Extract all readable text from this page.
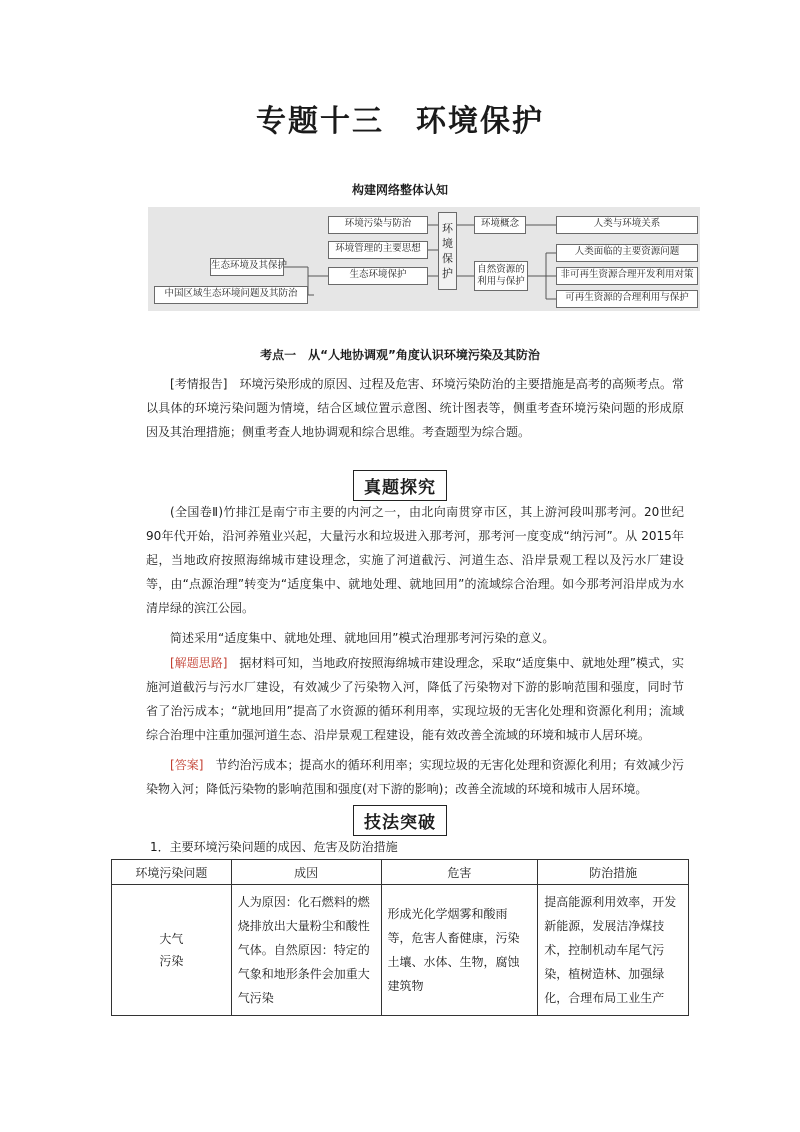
专题十三　环境保护
构建网络整体认知
环境污染与防治
环境管理的主要思想
生态环境保护
生态环境及其保护
中国区域生态环境问题及其防治
环
境
保
护
环境概念
自然资源的
利用与保护
人类与环境关系
人类面临的主要资源问题
非可再生资源合理开发利用对策
可再生资源的合理利用与保护
考点一　从“人地协调观”角度认识环境污染及其防治
[考情报告]　环境污染形成的原因、过程及危害、环境污染防治的主要措施是高考的高频考点。常以具体的环境污染问题为情境，结合区域位置示意图、统计图表等，侧重考查环境污染问题的形成原因及其治理措施；侧重考查人地协调观和综合思维。考查题型为综合题。
真题探究
(全国卷Ⅱ)竹排江是南宁市主要的内河之一，由北向南贯穿市区，其上游河段叫那考河。20世纪 90年代开始，沿河养殖业兴起，大量污水和垃圾进入那考河，那考河一度变成“纳污河”。从 2015年起，当地政府按照海绵城市建设理念，实施了河道截污、河道生态、沿岸景观工程以及污水厂建设等，由“点源治理”转变为“适度集中、就地处理、就地回用”的流域综合治理。如今那考河沿岸成为水清岸绿的滨江公园。
简述采用“适度集中、就地处理、就地回用”模式治理那考河污染的意义。
[解题思路]　 据材料可知，当地政府按照海绵城市建设理念，采取“适度集中、就地处理”模式，实施河道截污与污水厂建设，有效减少了污染物入河，降低了污染物对下游的影响范围和强度，同时节省了治污成本；“就地回用”提高了水资源的循环利用率，实现垃圾的无害化处理和资源化利用；流域综合治理中注重加强河道生态、沿岸景观工程建设，能有效改善全流域的环境和城市人居环境。
[答案]　 节约治污成本；提高水的循环利用率；实现垃圾的无害化处理和资源化利用；有效减少污染物入河；降低污染物的影响范围和强度(对下游的影响)；改善全流域的环境和城市人居环境。
技法突破
1．主要环境污染问题的成因、危害及防治措施
环境污染问题	成因	危害	防治措施

大气
污染	人为原因：化石燃料的燃烧排放出大量粉尘和酸性气体。自然原因：特定的气象和地形条件会加重大气污染	形成光化学烟雾和酸雨等，危害人畜健康，污染土壤、水体、生物，腐蚀建筑物	提高能源利用效率，开发新能源，发展洁净煤技术，控制机动车尾气污染，植树造林、加强绿化，合理布局工业生产
